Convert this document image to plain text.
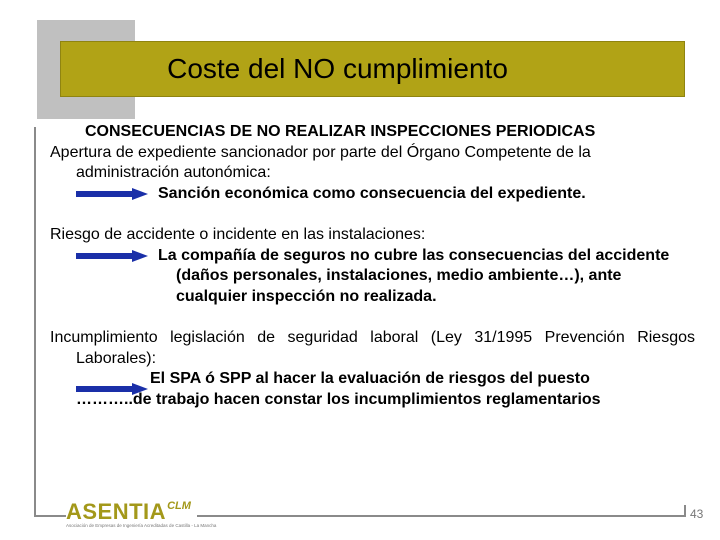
Coste del NO cumplimiento

CONSECUENCIAS DE NO REALIZAR INSPECCIONES PERIODICAS

Apertura de expediente sancionador por parte del Órgano Competente de la administración autonómica:

Sanción económica como consecuencia del expediente.

Riesgo de accidente o incidente en las instalaciones:

La compañía de seguros no cubre las consecuencias del accidente (daños personales, instalaciones, medio ambiente…), ante cualquier inspección no realizada.

Incumplimiento legislación de seguridad laboral (Ley 31/1995 Prevención Riesgos Laborales):

El SPA ó SPP al hacer la evaluación de riesgos del puesto
………..de trabajo hacen constar los incumplimientos reglamentarios
$ASENTIA^{CLM}$
Asociación de Empresas de Ingeniería Acreditadas de Castilla - La Mancha
43
